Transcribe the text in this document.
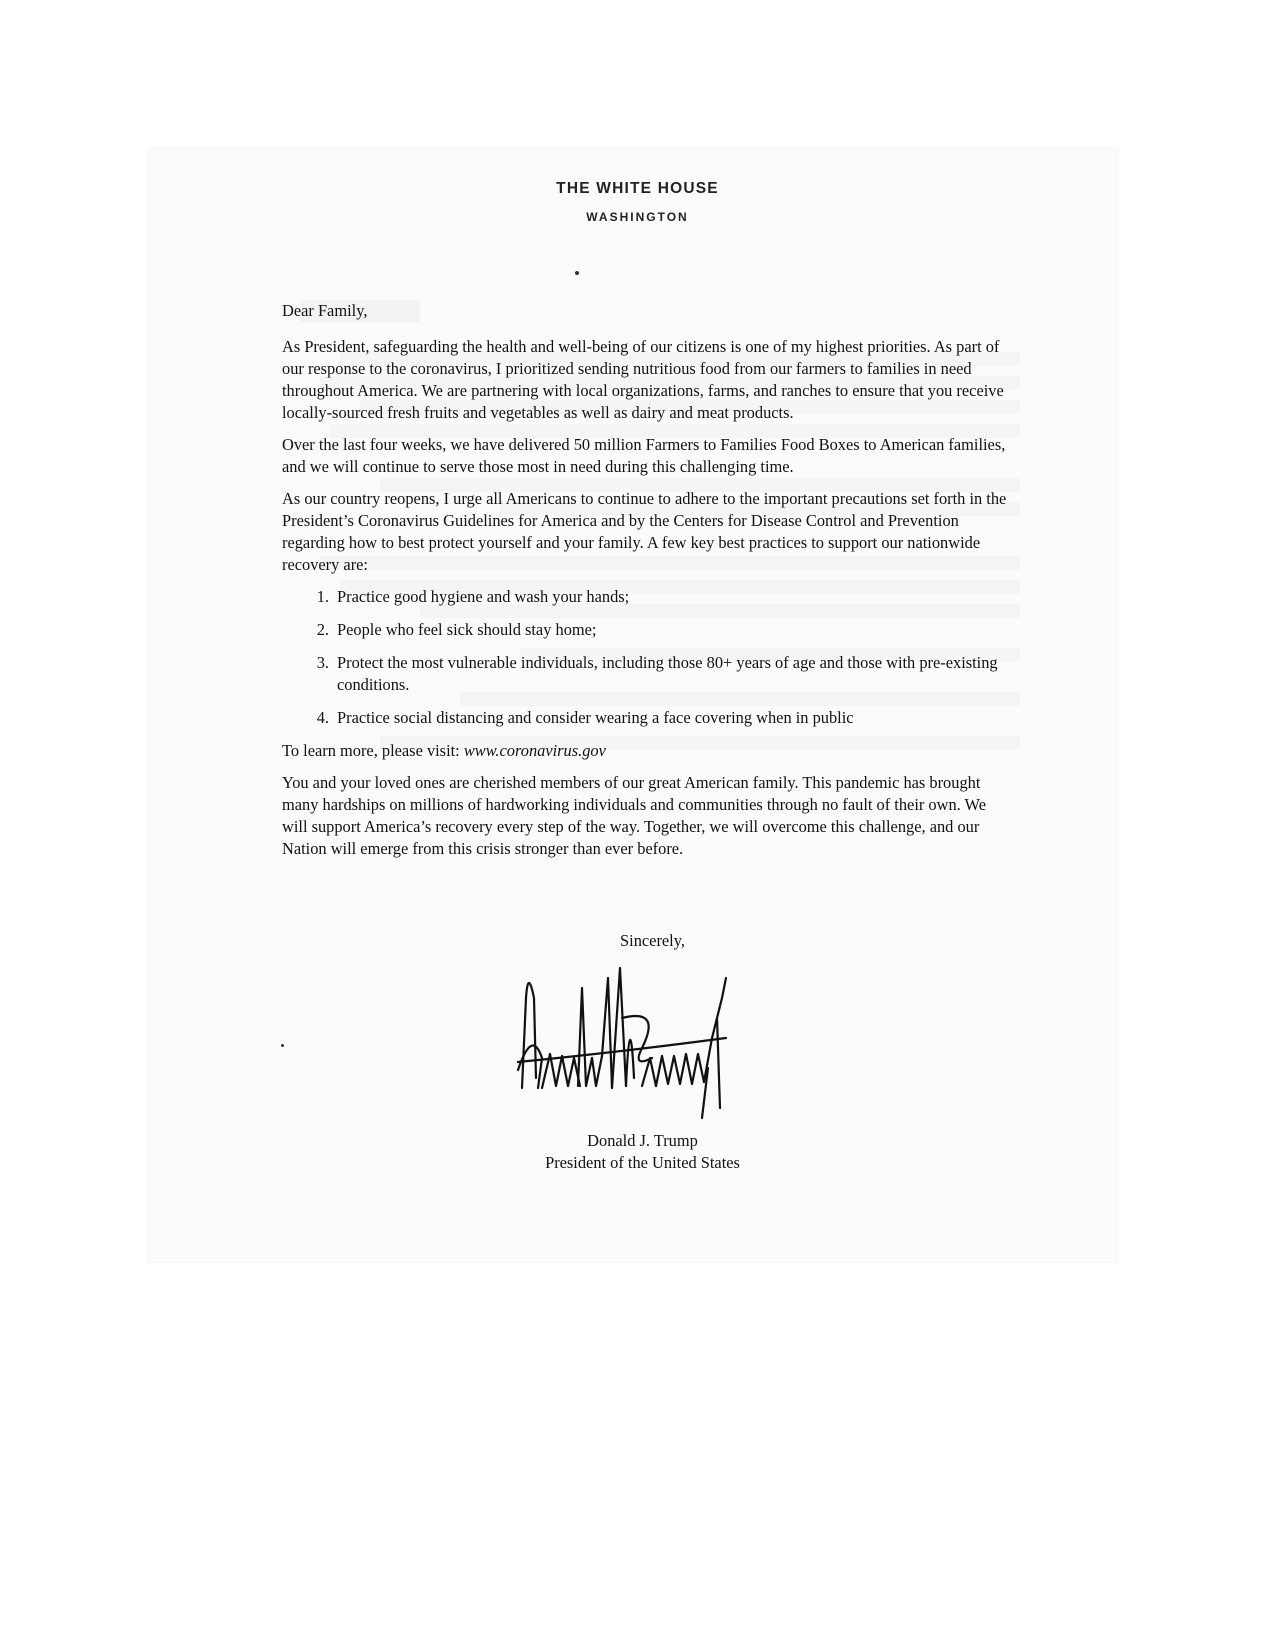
THE WHITE HOUSE
WASHINGTON

Dear Family,

As President, safeguarding the health and well-being of our citizens is one of my highest priorities. As part of our response to the coronavirus, I prioritized sending nutritious food from our farmers to families in need throughout America. We are partnering with local organizations, farms, and ranches to ensure that you receive locally-sourced fresh fruits and vegetables as well as dairy and meat products.

Over the last four weeks, we have delivered 50 million Farmers to Families Food Boxes to American families, and we will continue to serve those most in need during this challenging time.

As our country reopens, I urge all Americans to continue to adhere to the important precautions set forth in the President’s Coronavirus Guidelines for America and by the Centers for Disease Control and Prevention regarding how to best protect yourself and your family. A few key best practices to support our nationwide recovery are:

1. Practice good hygiene and wash your hands;
2. People who feel sick should stay home;
3. Protect the most vulnerable individuals, including those 80+ years of age and those with pre-existing conditions.
4. Practice social distancing and consider wearing a face covering when in public

To learn more, please visit: www.coronavirus.gov

You and your loved ones are cherished members of our great American family. This pandemic has brought many hardships on millions of hardworking individuals and communities through no fault of their own. We will support America’s recovery every step of the way. Together, we will overcome this challenge, and our Nation will emerge from this crisis stronger than ever before.

Sincerely,
Donald J. Trump
President of the United States
